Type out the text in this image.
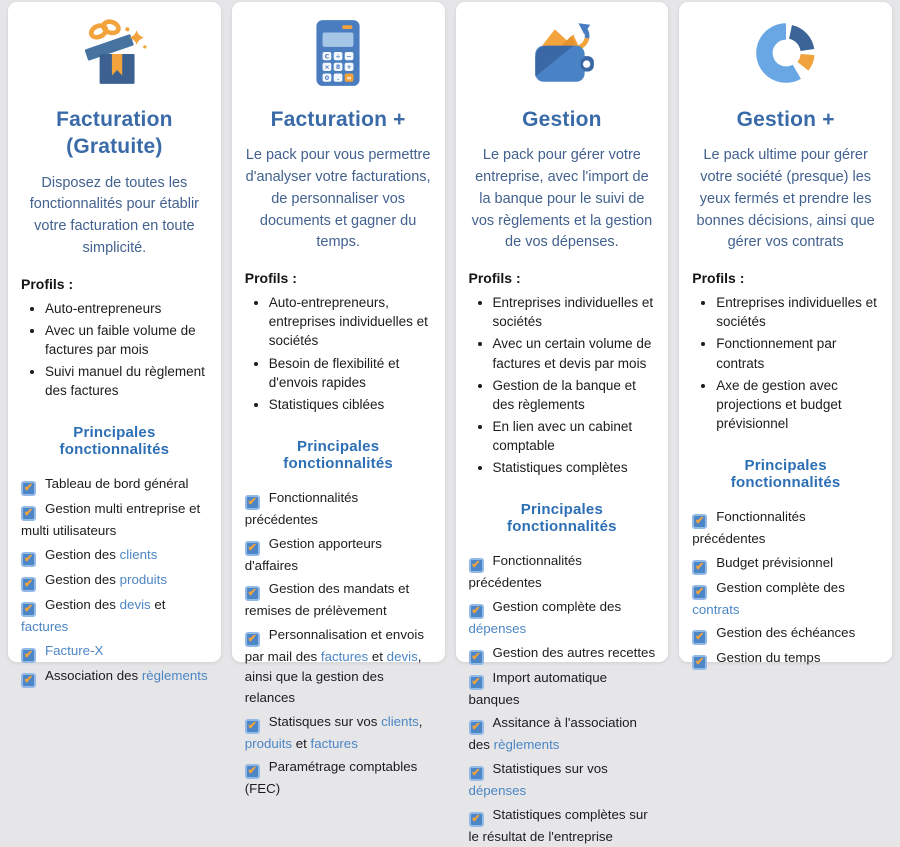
Facturation (Gratuite)

Disposez de toutes les fonctionnalités pour établir votre facturation en toute simplicité.

Profils :
• Auto-entrepreneurs
• Avec un faible volume de factures par mois
• Suivi manuel du règlement des factures
Principales fonctionnalités
✔ Tableau de bord général
✔ Gestion multi entreprise et multi utilisateurs
✔ Gestion des clients
✔ Gestion des produits
✔ Gestion des devis et factures
✔ Facture-X
✔ Association des règlements
C ÷ −
× 8 +
0 . =
Facturation +

Le pack pour vous permettre d'analyser votre facturations, de personnaliser vos documents et gagner du temps.

Profils :
• Auto-entrepreneurs, entreprises individuelles et sociétés
• Besoin de flexibilité et d'envois rapides
• Statistiques ciblées
Principales fonctionnalités
✔ Fonctionnalités précédentes
✔ Gestion apporteurs d'affaires
✔ Gestion des mandats et remises de prélèvement
✔ Personnalisation et envois par mail des factures et devis, ainsi que la gestion des relances
✔ Statisques sur vos clients, produits et factures
✔ Paramétrage comptables (FEC)
Gestion

Le pack pour gérer votre entreprise, avec l'import de la banque pour le suivi de vos règlements et la gestion de vos dépenses.

Profils :
• Entreprises individuelles et sociétés
• Avec un certain volume de factures et devis par mois
• Gestion de la banque et des règlements
• En lien avec un cabinet comptable
• Statistiques complètes
Principales fonctionnalités
✔ Fonctionnalités précédentes
✔ Gestion complète des dépenses
✔ Gestion des autres recettes
✔ Import automatique banques
✔ Assitance à l'association des règlements
✔ Statistiques sur vos dépenses
✔ Statistiques complètes sur le résultat de l'entreprise
Gestion +

Le pack ultime pour gérer votre société (presque) les yeux fermés et prendre les bonnes décisions, ainsi que gérer vos contrats

Profils :
• Entreprises individuelles et sociétés
• Fonctionnement par contrats
• Axe de gestion avec projections et budget prévisionnel
Principales fonctionnalités
✔ Fonctionnalités précédentes
✔ Budget prévisionnel
✔ Gestion complète des contrats
✔ Gestion des échéances
✔ Gestion du temps
